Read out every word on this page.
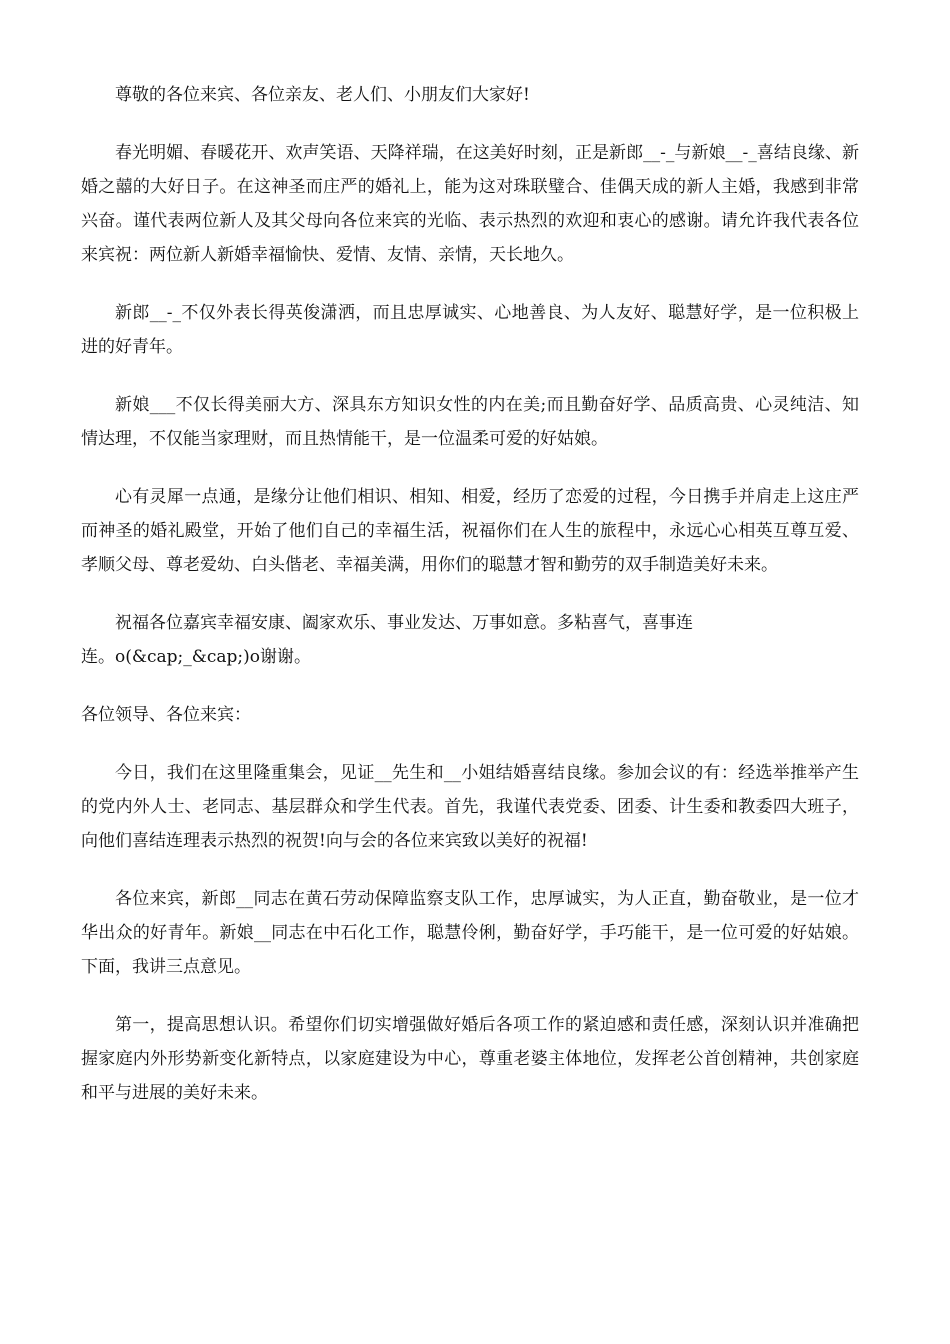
尊敬的各位来宾、各位亲友、老人们、小朋友们大家好!

春光明媚、春暖花开、欢声笑语、天降祥瑞，在这美好时刻，正是新郎__-_与新娘__-_喜结良缘、新婚之囍的大好日子。在这神圣而庄严的婚礼上，能为这对珠联璧合、佳偶天成的新人主婚，我感到非常兴奋。谨代表两位新人及其父母向各位来宾的光临、表示热烈的欢迎和衷心的感谢。请允许我代表各位来宾祝：两位新人新婚幸福愉快、爱情、友情、亲情，天长地久。

新郎__-_不仅外表长得英俊潇洒，而且忠厚诚实、心地善良、为人友好、聪慧好学，是一位积极上进的好青年。

新娘___不仅长得美丽大方、深具东方知识女性的内在美;而且勤奋好学、品质高贵、心灵纯洁、知情达理，不仅能当家理财，而且热情能干，是一位温柔可爱的好姑娘。

心有灵犀一点通，是缘分让他们相识、相知、相爱，经历了恋爱的过程，今日携手并肩走上这庄严而神圣的婚礼殿堂，开始了他们自己的幸福生活，祝福你们在人生的旅程中，永远心心相英互尊互爱、孝顺父母、尊老爱幼、白头偕老、幸福美满，用你们的聪慧才智和勤劳的双手制造美好未来。

祝福各位嘉宾幸福安康、阖家欢乐、事业发达、万事如意。多粘喜气，喜事连

连。o(&cap;_&cap;)o谢谢。

各位领导、各位来宾：

今日，我们在这里隆重集会，见证__先生和__小姐结婚喜结良缘。参加会议的有：经选举推举产生的党内外人士、老同志、基层群众和学生代表。首先，我谨代表党委、团委、计生委和教委四大班子，向他们喜结连理表示热烈的祝贺!向与会的各位来宾致以美好的祝福!

各位来宾，新郎__同志在黄石劳动保障监察支队工作，忠厚诚实，为人正直，勤奋敬业，是一位才华出众的好青年。新娘__同志在中石化工作，聪慧伶俐，勤奋好学，手巧能干，是一位可爱的好姑娘。下面，我讲三点意见。

第一，提高思想认识。希望你们切实增强做好婚后各项工作的紧迫感和责任感，深刻认识并准确把握家庭内外形势新变化新特点，以家庭建设为中心，尊重老婆主体地位，发挥老公首创精神，共创家庭和平与进展的美好未来。
